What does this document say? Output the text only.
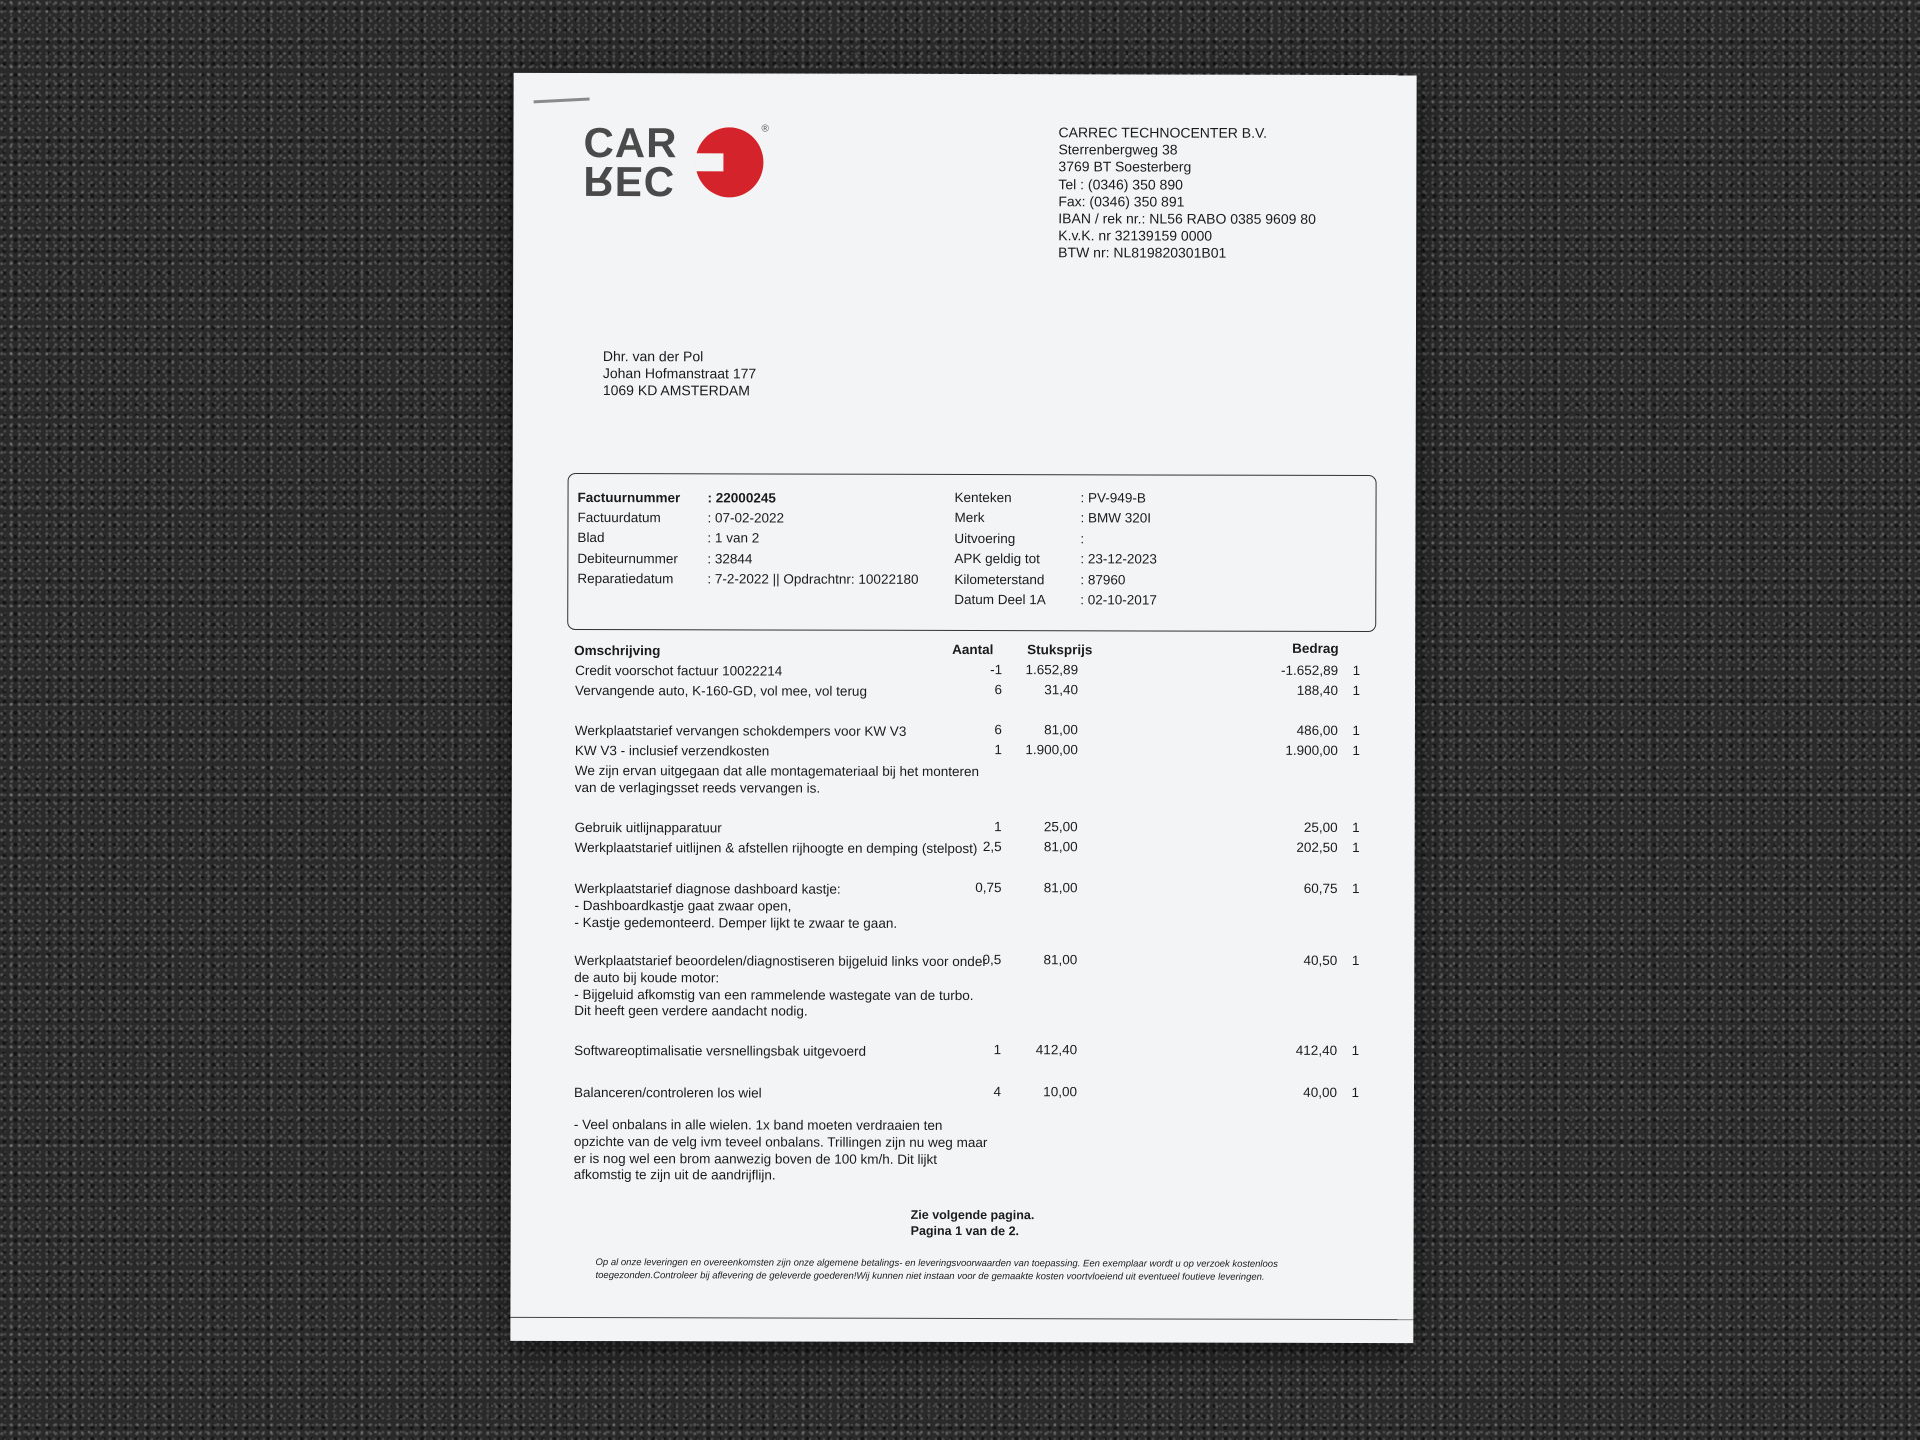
CAR
REC
®	CARREC TECHNOCENTER B.V.
Sterrenbergweg 38
3769 BT Soesterberg
Tel : (0346) 350 890
Fax: (0346) 350 891
IBAN / rek nr.: NL56 RABO 0385 9609 80
K.v.K. nr 32139159 0000
BTW nr: NL819820301B01
Dhr. van der Pol
Johan Hofmanstraat 177
1069 KD AMSTERDAM
Factuurnummer : 22000245
Factuurdatum	: 07-02-2022
Blad	: 1 van 2
Debiteurnummer : 32844
Reparatiedatum	: 7-2-2022 || Opdrachtnr: 10022180
Kenteken	: PV-949-B
Merk	: BMW 320I
Uitvoering	:
APK geldig tot	: 23-12-2023
Kilometerstand	: 87960
Datum Deel 1A	: 02-10-2017
Omschrijving	Aantal Stuksprijs	Bedrag
Zie volgende pagina.
Pagina 1 van de 2.
Op al onze leveringen en overeenkomsten zijn onze algemene betalings- en leveringsvoorwaarden van toepassing. Een exemplaar wordt u op verzoek kostenloos toegezonden.Controleer bij aflevering de geleverde goederen!Wij kunnen niet instaan voor de gemaakte kosten voortvloeiend uit eventueel foutieve leveringen.
Credit voorschot factuur 10022214	-1 1.652,89	-1.652,89 1
Vervangende auto, K-160-GD, vol mee, vol terug	6	31,40	188,40 1
Werkplaatstarief vervangen schokdempers voor KW V3	6	81,00	486,00 1
KW V3 - inclusief verzendkosten	1 1.900,00	1.900,00 1
We zijn ervan uitgegaan dat alle montagemateriaal bij het monteren
van de verlagingsset reeds vervangen is.
Gebruik uitlijnapparatuur	1	25,00	25,00 1
Werkplaatstarief uitlijnen & afstellen rijhoogte en demping (stelpost) 2,5	81,00	202,50 1
Werkplaatstarief diagnose dashboard kastje:
- Dashboardkastje gaat zwaar open,
- Kastje gedemonteerd. Demper lijkt te zwaar te gaan.
0,75	81,00	60,75 1
Werkplaatstarief beoordelen/diagnostiseren bijgeluid links voor onder
de auto bij koude motor:
- Bijgeluid afkomstig van een rammelende wastegate van de turbo.
Dit heeft geen verdere aandacht nodig.
0,5	81,00	40,50 1
Softwareoptimalisatie versnellingsbak uitgevoerd	1	412,40	412,40 1
Balanceren/controleren los wiel	4	10,00	40,00 1
- Veel onbalans in alle wielen. 1x band moeten verdraaien ten
opzichte van de velg ivm teveel onbalans. Trillingen zijn nu weg maar
er is nog wel een brom aanwezig boven de 100 km/h. Dit lijkt
afkomstig te zijn uit de aandrijflijn.
